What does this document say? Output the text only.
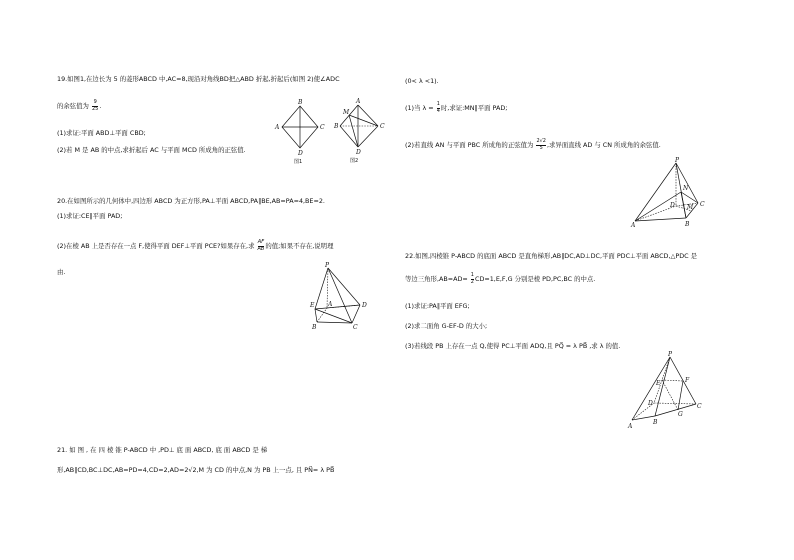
19.如图1,在边长为 5 的菱形ABCD 中,AC=8,现沿对角线BD把△ABD 折起,折起后(如图 2)使∠ADC
的余弦值为 $\frac{9}{25}$ .
(1)求证:平面 ABD⊥平面 CBD;
(2)若 M 是 AB 的中点,求折起后 AC 与平面 MCD 所成角的正弦值.
B
A	C
D
图1
A
M
B	C
D
图2
20.在如图所示的几何体中,四边形 ABCD 为正方形,PA⊥平面 ABCD,PA∥BE,AB=PA=4,BE=2.
(1)求证:CE∥平面 PAD;
(2)在棱 AB 上是否存在一点 F,使得平面 DEF⊥平面 PCE?如果存在,求 $\frac{AF}{AB}$ 的值;如果不存在,说明理
由.
P
E A	D
B	C
21. 如 图 , 在 四 棱 锥 P-ABCD 中 ,PD⊥ 底 面 ABCD, 底 面 ABCD 是 梯
形,AB∥CD,BC⊥DC,AB=PD=4,CD=2,AD=2√2,M 为 CD 的中点,N 为 PB 上一点, 且 PN⃗= λ PB⃗
(0< λ <1).
(1)当 $\lambda = \frac{1}{4}$ 时,求证:MN∥平面 PAD;
(2)若直线 AN 与平面 PBC 所成角的正弦值为 $\frac{2√2}{5}$ ,求异面直线 AD 与 CN 所成角的余弦值.
P
N
D M C
A	B
22.如图,四棱锥 P-ABCD 的底面 ABCD 是直角梯形,AB∥DC,AD⊥DC,平面 PDC⊥平面 ABCD,△PDC 是
等边三角形$,AB=AD= \frac{1}{2} CD=1,E,F,G$ 分别是棱 PD,PC,BC 的中点.
(1)求证:PA∥平面 EFG;
(2)求二面角 G-EF-D 的大小;
(3)若线段 PB 上存在一点 Q,使得 PC⊥平面 ADQ,且 PQ⃗ = λ PB⃗ ,求 λ 的值.
P
E	F
D	C
G
A
B
